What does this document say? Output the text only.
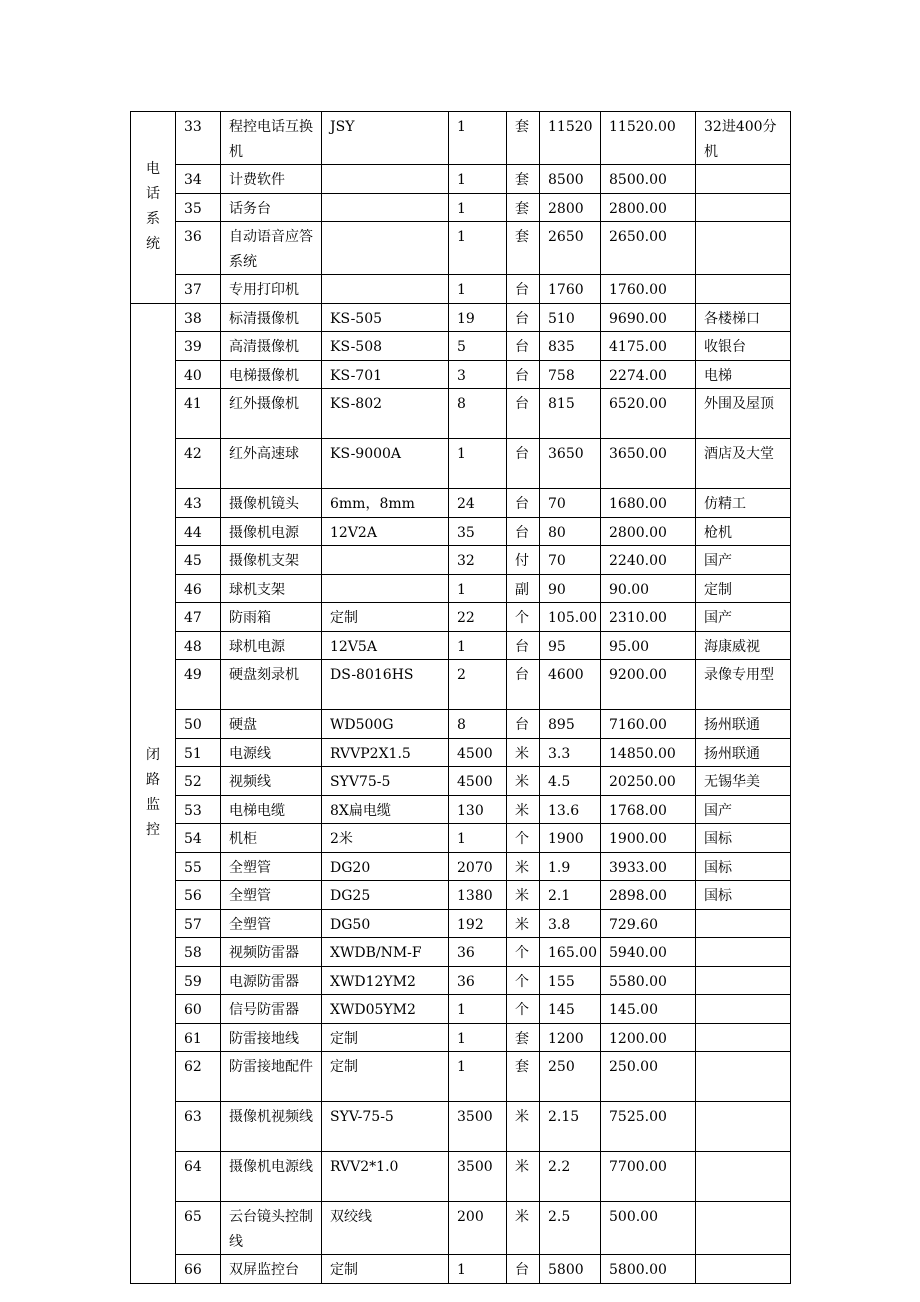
电话系统	33	程控电话互换机	JSY	1	套	11520	11520.00	32进400分机
	34	计费软件		1	套	8500	8500.00	
	35	话务台		1	套	2800	2800.00	
	36	自动语音应答系统		1	套	2650	2650.00	
	37	专用打印机		1	台	1760	1760.00	
闭路监控	38	标清摄像机	KS-505	19	台	510	9690.00	各楼梯口
	39	高清摄像机	KS-508	5	台	835	4175.00	收银台
	40	电梯摄像机	KS-701	3	台	758	2274.00	电梯
	41	红外摄像机	KS-802	8	台	815	6520.00	外围及屋顶
	42	红外高速球	KS-9000A	1	台	3650	3650.00	酒店及大堂
	43	摄像机镜头	6mm，8mm	24	台	70	1680.00	仿精工
	44	摄像机电源	12V2A	35	台	80	2800.00	枪机
	45	摄像机支架		32	付	70	2240.00	国产
	46	球机支架		1	副	90	90.00	定制
	47	防雨箱	定制	22	个	105.00	2310.00	国产
	48	球机电源	12V5A	1	台	95	95.00	海康威视
	49	硬盘刻录机	DS-8016HS	2	台	4600	9200.00	录像专用型
	50	硬盘	WD500G	8	台	895	7160.00	扬州联通
	51	电源线	RVVP2X1.5	4500	米	3.3	14850.00	扬州联通
	52	视频线	SYV75-5	4500	米	4.5	20250.00	无锡华美
	53	电梯电缆	8X扁电缆	130	米	13.6	1768.00	国产
	54	机柜	2米	1	个	1900	1900.00	国标
	55	全塑管	DG20	2070	米	1.9	3933.00	国标
	56	全塑管	DG25	1380	米	2.1	2898.00	国标
	57	全塑管	DG50	192	米	3.8	729.60	
	58	视频防雷器	XWDB/NM-F	36	个	165.00	5940.00	
	59	电源防雷器	XWD12YM2	36	个	155	5580.00	
	60	信号防雷器	XWD05YM2	1	个	145	145.00	
	61	防雷接地线	定制	1	套	1200	1200.00	
	62	防雷接地配件	定制	1	套	250	250.00	
	63	摄像机视频线	SYV-75-5	3500	米	2.15	7525.00	
	64	摄像机电源线	RVV2*1.0	3500	米	2.2	7700.00	
	65	云台镜头控制线	双绞线	200	米	2.5	500.00	
	66	双屏监控台	定制	1	台	5800	5800.00	
